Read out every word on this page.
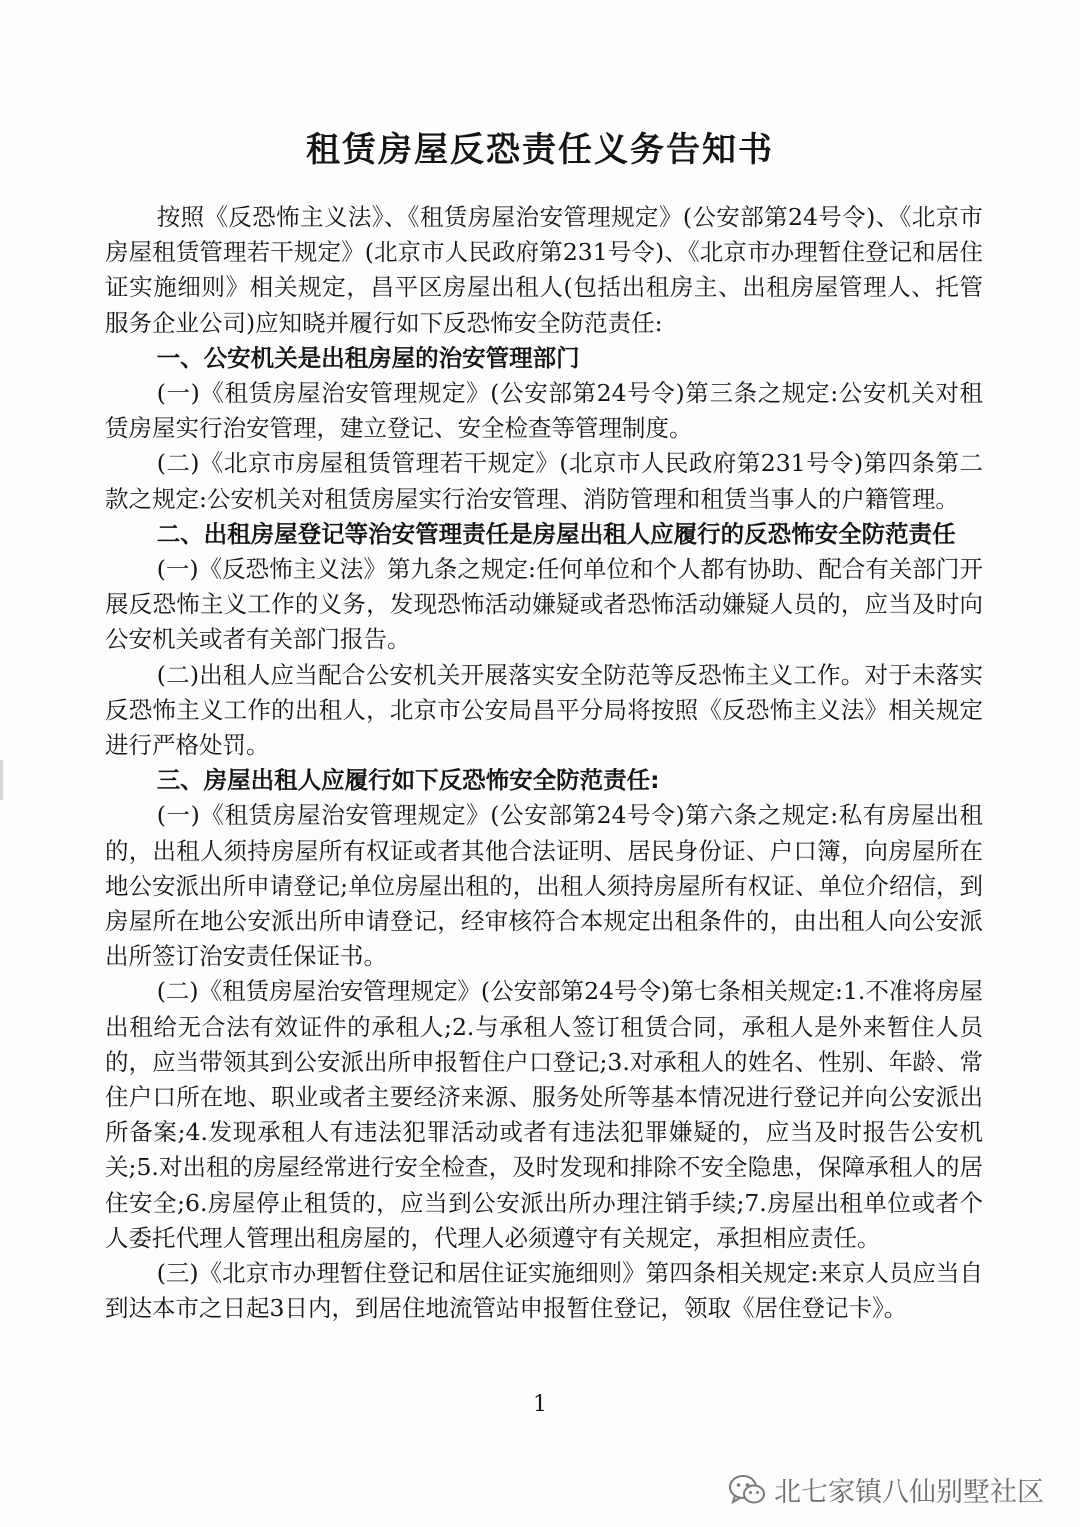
租赁房屋反恐责任义务告知书

按照《反恐怖主义法》、《租赁房屋治安管理规定》(公安部第24号令)、《北京市房屋租赁管理若干规定》(北京市人民政府第231号令)、《北京市办理暂住登记和居住证实施细则》相关规定，昌平区房屋出租人(包括出租房主、出租房屋管理人、托管服务企业公司)应知晓并履行如下反恐怖安全防范责任:

一、公安机关是出租房屋的治安管理部门

(一)《租赁房屋治安管理规定》(公安部第24号令)第三条之规定:公安机关对租赁房屋实行治安管理，建立登记、安全检查等管理制度。

(二)《北京市房屋租赁管理若干规定》(北京市人民政府第231号令)第四条第二款之规定:公安机关对租赁房屋实行治安管理、消防管理和租赁当事人的户籍管理。

二、出租房屋登记等治安管理责任是房屋出租人应履行的反恐怖安全防范责任

(一)《反恐怖主义法》第九条之规定:任何单位和个人都有协助、配合有关部门开展反恐怖主义工作的义务，发现恐怖活动嫌疑或者恐怖活动嫌疑人员的，应当及时向公安机关或者有关部门报告。

(二)出租人应当配合公安机关开展落实安全防范等反恐怖主义工作。对于未落实反恐怖主义工作的出租人，北京市公安局昌平分局将按照《反恐怖主义法》相关规定进行严格处罚。

三、房屋出租人应履行如下反恐怖安全防范责任:

(一)《租赁房屋治安管理规定》(公安部第24号令)第六条之规定:私有房屋出租的，出租人须持房屋所有权证或者其他合法证明、居民身份证、户口簿，向房屋所在地公安派出所申请登记;单位房屋出租的，出租人须持房屋所有权证、单位介绍信，到房屋所在地公安派出所申请登记，经审核符合本规定出租条件的，由出租人向公安派出所签订治安责任保证书。

(二)《租赁房屋治安管理规定》(公安部第24号令)第七条相关规定:1.不准将房屋出租给无合法有效证件的承租人;2.与承租人签订租赁合同，承租人是外来暂住人员的，应当带领其到公安派出所申报暂住户口登记;3.对承租人的姓名、性别、年龄、常住户口所在地、职业或者主要经济来源、服务处所等基本情况进行登记并向公安派出所备案;4.发现承租人有违法犯罪活动或者有违法犯罪嫌疑的，应当及时报告公安机关;5.对出租的房屋经常进行安全检查，及时发现和排除不安全隐患，保障承租人的居住安全;6.房屋停止租赁的，应当到公安派出所办理注销手续;7.房屋出租单位或者个人委托代理人管理出租房屋的，代理人必须遵守有关规定，承担相应责任。

(三)《北京市办理暂住登记和居住证实施细则》第四条相关规定:来京人员应当自到达本市之日起3日内，到居住地流管站申报暂住登记，领取《居住登记卡》。

1
北七家镇八仙别墅社区
